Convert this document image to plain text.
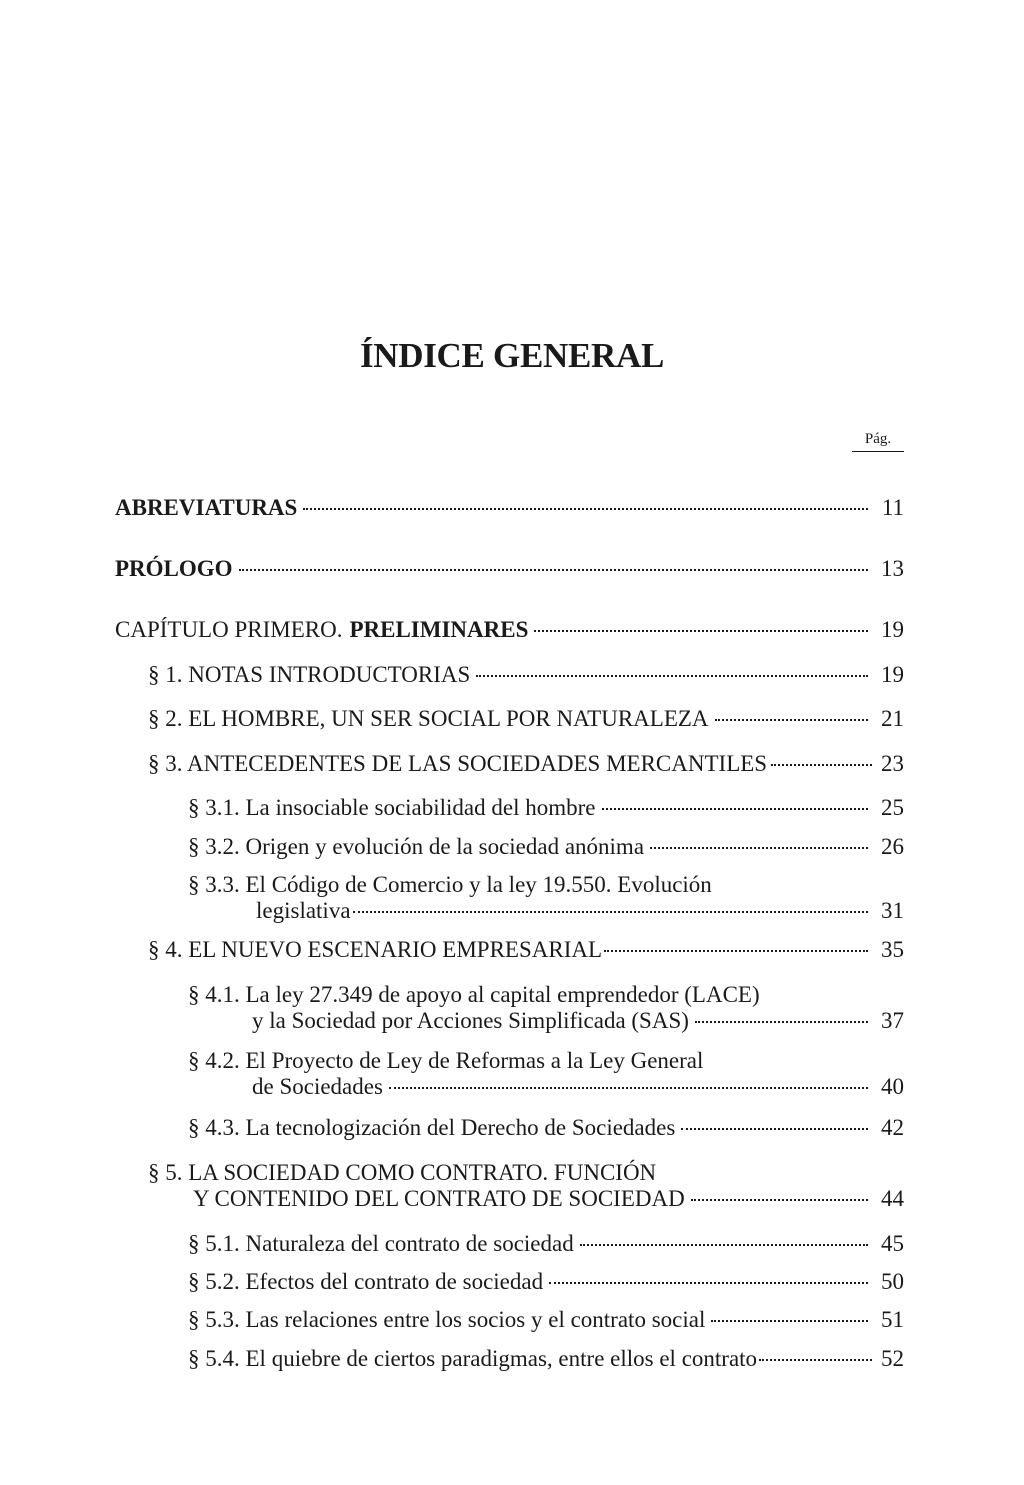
ÍNDICE GENERAL
Pág.
ABREVIATURAS	11
PRÓLOGO	13
CAPÍTULO PRIMERO. PRELIMINARES	19
§ 1. NOTAS INTRODUCTORIAS	19
§ 2. EL HOMBRE, UN SER SOCIAL POR NATURALEZA	21
§ 3. ANTECEDENTES DE LAS SOCIEDADES MERCANTILES	23
§ 3.1. La insociable sociabilidad del hombre	25
§ 3.2. Origen y evolución de la sociedad anónima	26
§ 3.3. El Código de Comercio y la ley 19.550. Evolución
legislativa	31
§ 4. EL NUEVO ESCENARIO EMPRESARIAL	35
§ 4.1. La ley 27.349 de apoyo al capital emprendedor (LACE)
y la Sociedad por Acciones Simplificada (SAS)	37
§ 4.2. El Proyecto de Ley de Reformas a la Ley General
de Sociedades	40
§ 4.3. La tecnologización del Derecho de Sociedades	42
§ 5. LA SOCIEDAD COMO CONTRATO. FUNCIÓN
Y CONTENIDO DEL CONTRATO DE SOCIEDAD	44
§ 5.1. Naturaleza del contrato de sociedad	45
§ 5.2. Efectos del contrato de sociedad	50
§ 5.3. Las relaciones entre los socios y el contrato social	51
§ 5.4. El quiebre de ciertos paradigmas, entre ellos el contrato	52
